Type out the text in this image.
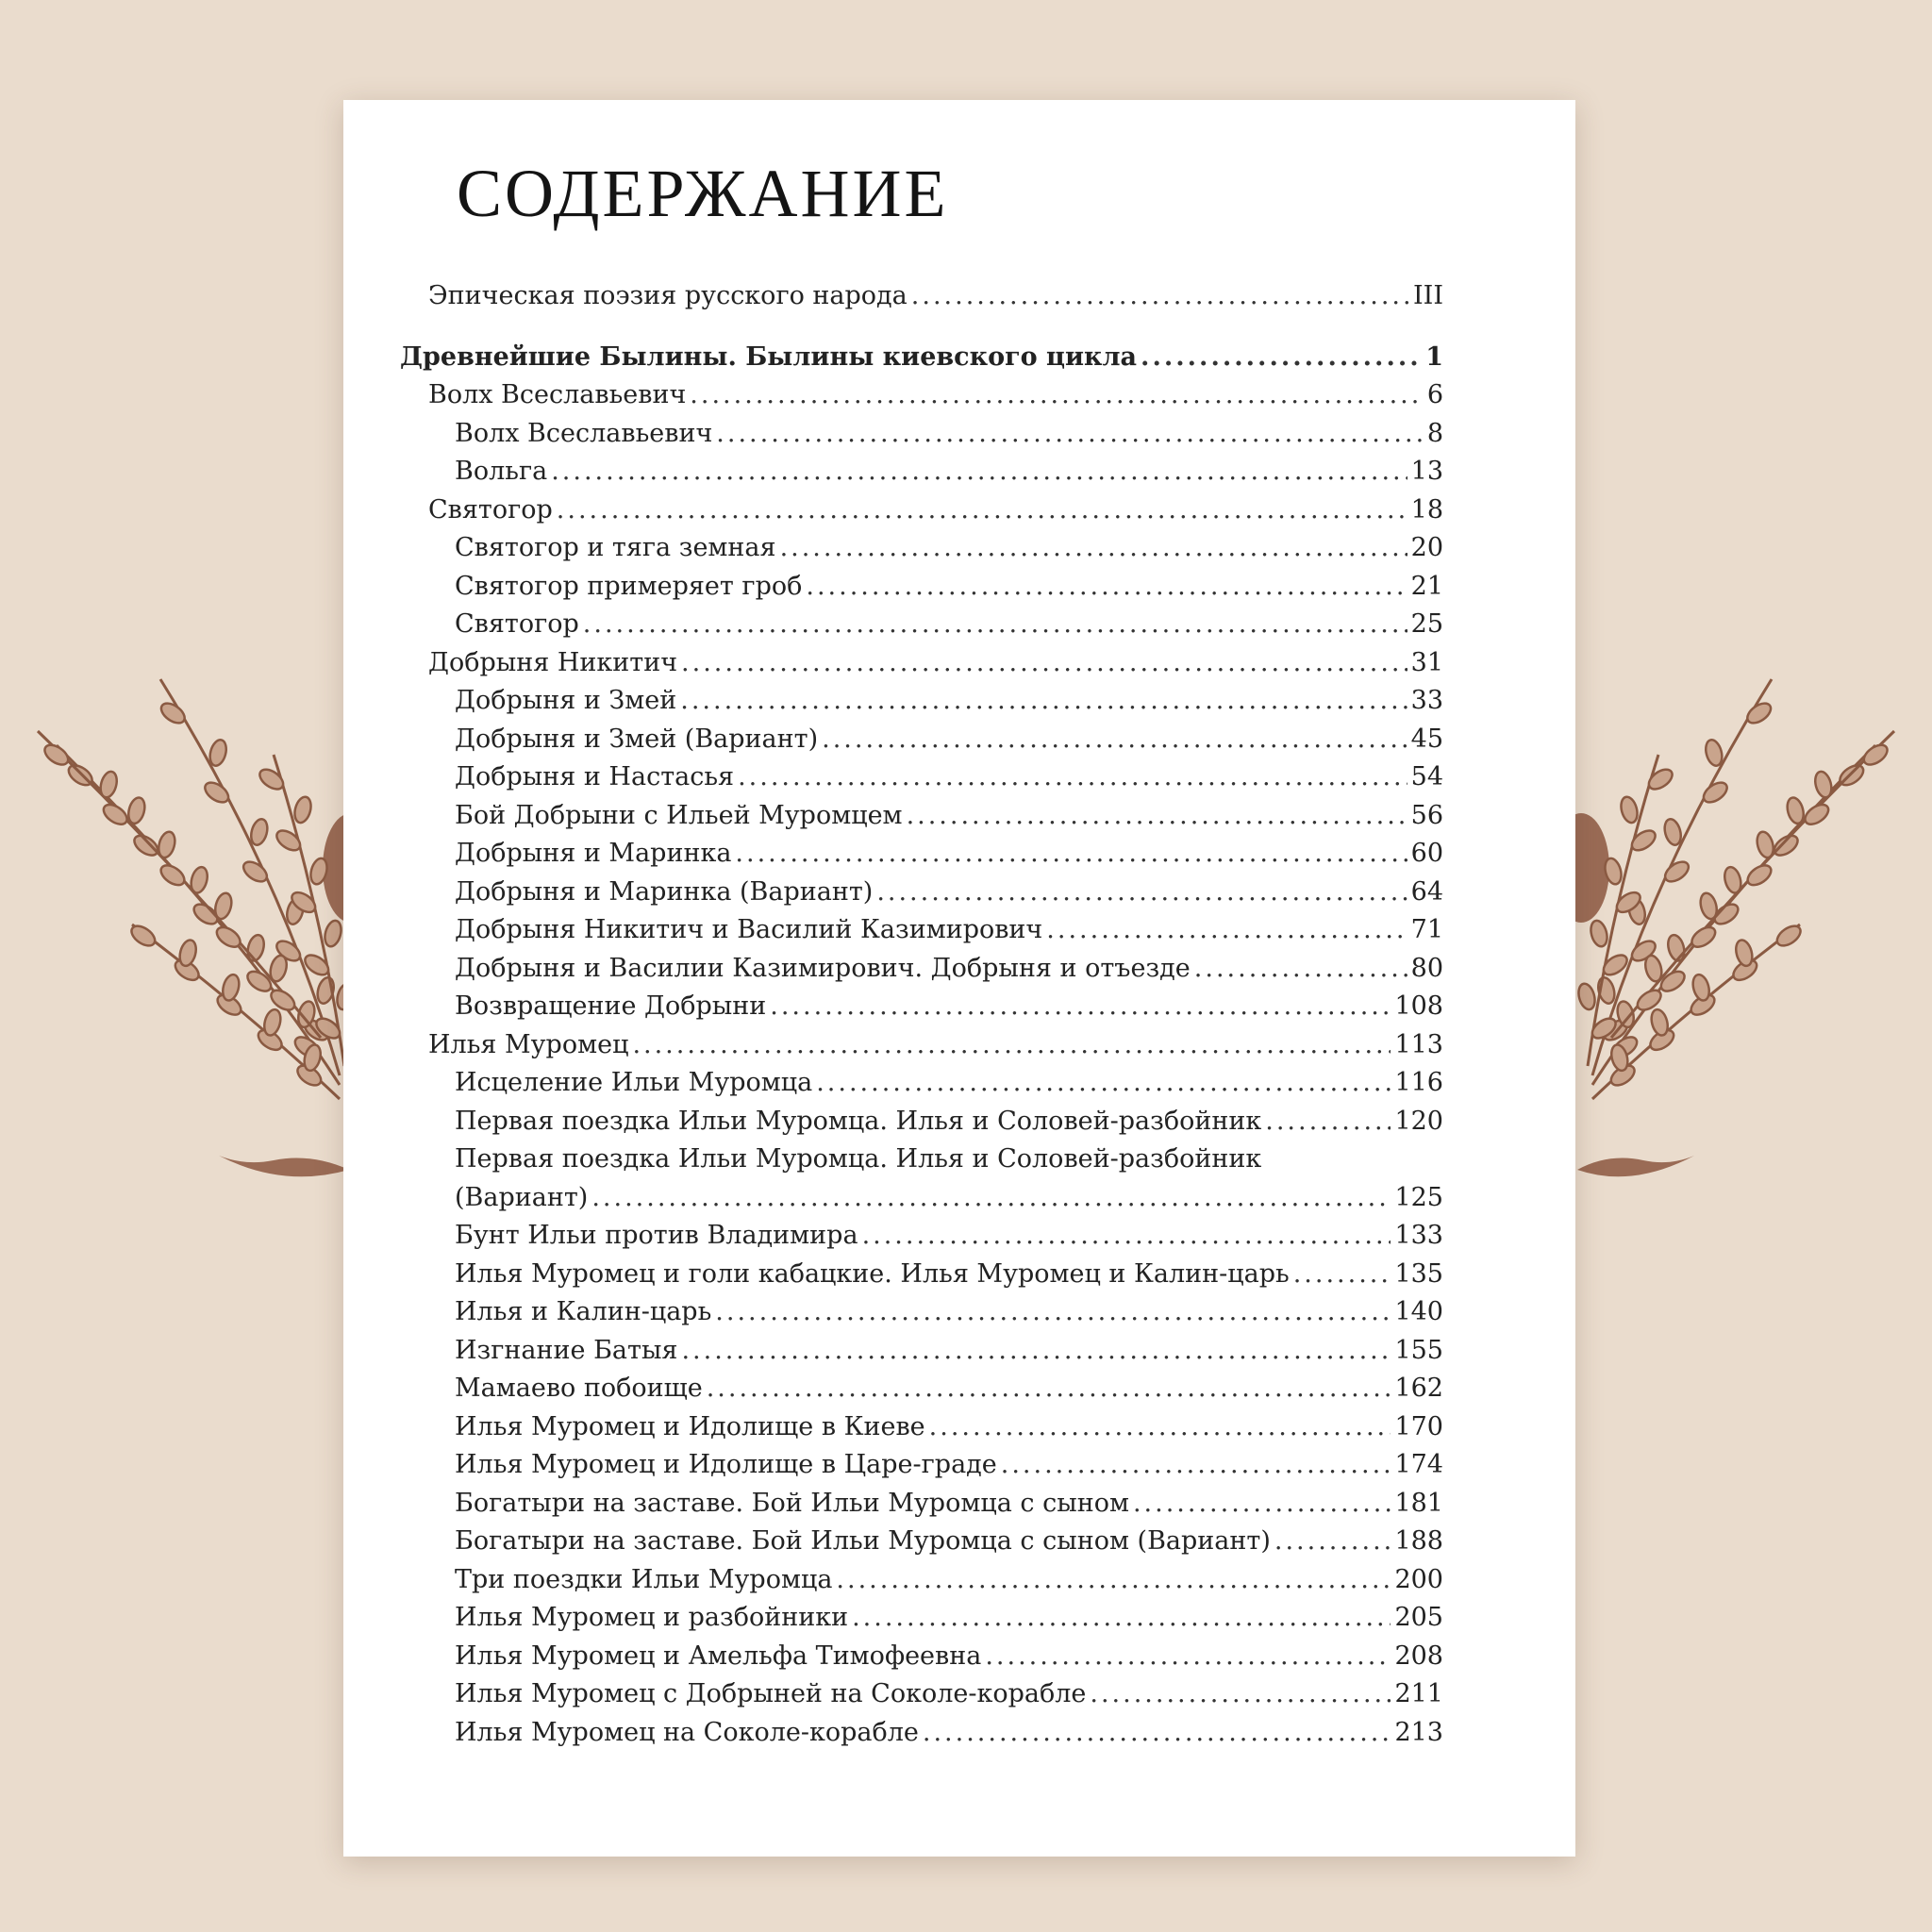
СОДЕРЖАНИЕ
Эпическая поэзия русского народа .....	III
Древнейшие Былины. Былины киевского цикла .....	1
Волх Всеславьевич .....	6
Волх Всеславьевич .....	8
Вольга .....	13
Святогор .....	18
Святогор и тяга земная .....	20
Святогор примеряет гроб .....	21
Святогор .....	25
Добрыня Никитич .....	31
Добрыня и Змей .....	33
Добрыня и Змей (Вариант) .....	45
Добрыня и Настасья .....	54
Бой Добрыни с Ильей Муромцем .....	56
Добрыня и Маринка .....	60
Добрыня и Маринка (Вариант) .....	64
Добрыня Никитич и Василий Казимирович .....	71
Добрыня и Василии Казимирович. Добрыня и отъезде .....	80
Возвращение Добрыни .....	108
Илья Муромец .....	113
Исцеление Ильи Муромца .....	116
Первая поездка Ильи Муромца. Илья и Соловей-разбойник .....	120
Первая поездка Ильи Муромца. Илья и Соловей-разбойник
(Вариант) .....	125
Бунт Ильи против Владимира .....	133
Илья Муромец и голи кабацкие. Илья Муромец и Калин-царь .....	135
Илья и Калин-царь .....	140
Изгнание Батыя .....	155
Мамаево побоище .....	162
Илья Муромец и Идолище в Киеве .....	170
Илья Муромец и Идолище в Царе-граде .....	174
Богатыри на заставе. Бой Ильи Муромца с сыном .....	181
Богатыри на заставе. Бой Ильи Муромца с сыном (Вариант) .....	188
Три поездки Ильи Муромца .....	200
Илья Муромец и разбойники .....	205
Илья Муромец и Амельфа Тимофеевна .....	208
Илья Муромец с Добрыней на Соколе-корабле .....	211
Илья Муромец на Соколе-корабле .....	213
